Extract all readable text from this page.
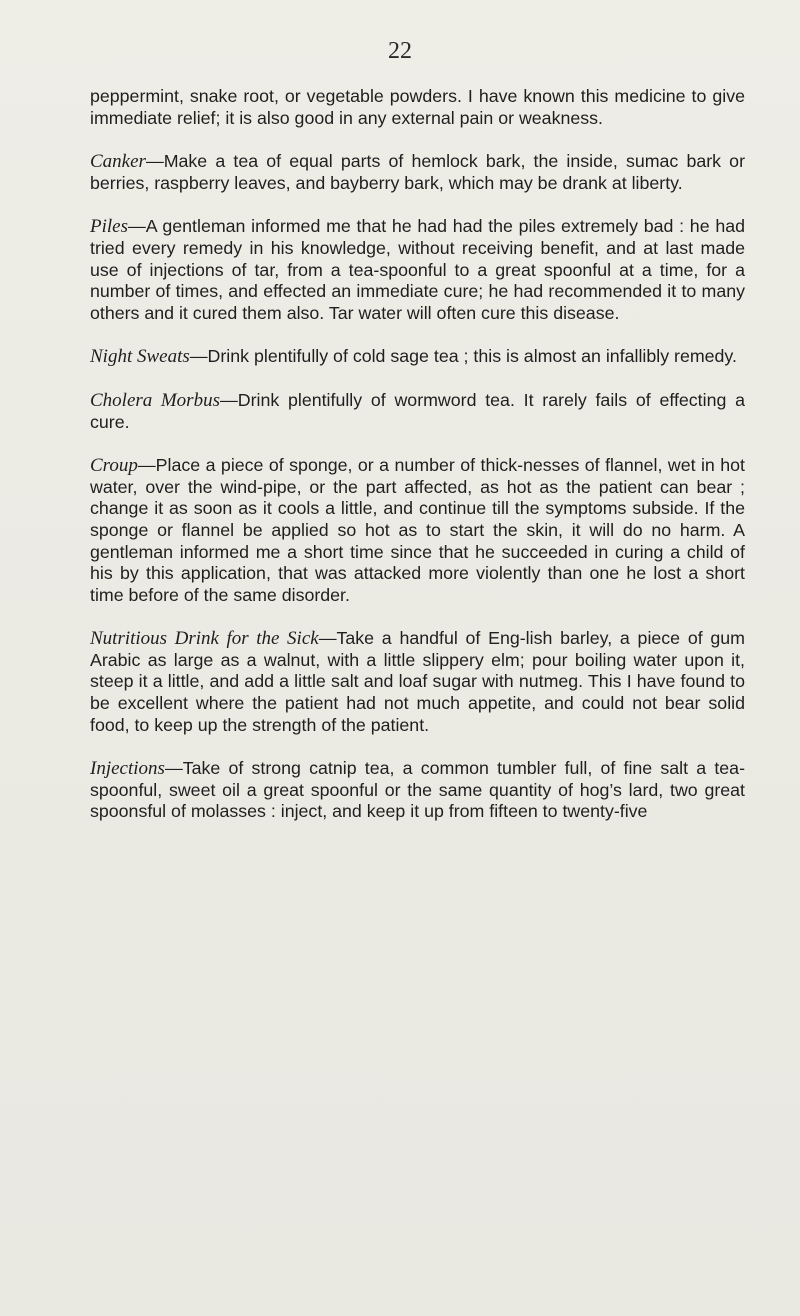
22

peppermint, snake root, or vegetable powders. I have known this medicine to give immediate relief; it is also good in any external pain or weakness.

Canker—Make a tea of equal parts of hemlock bark, the inside, sumac bark or berries, raspberry leaves, and bayberry bark, which may be drank at liberty.

Piles—A gentleman informed me that he had had the piles extremely bad : he had tried every remedy in his knowledge, without receiving benefit, and at last made use of injections of tar, from a tea-spoonful to a great spoonful at a time, for a number of times, and effected an immediate cure; he had recommended it to many others and it cured them also. Tar water will often cure this disease.

Night Sweats—Drink plentifully of cold sage tea ; this is almost an infallibly remedy.

Cholera Morbus—Drink plentifully of wormword tea. It rarely fails of effecting a cure.

Croup—Place a piece of sponge, or a number of thick-nesses of flannel, wet in hot water, over the wind-pipe, or the part affected, as hot as the patient can bear ; change it as soon as it cools a little, and continue till the symptoms subside. If the sponge or flannel be applied so hot as to start the skin, it will do no harm. A gentleman informed me a short time since that he succeeded in curing a child of his by this application, that was attacked more violently than one he lost a short time before of the same disorder.

Nutritious Drink for the Sick—Take a handful of Eng-lish barley, a piece of gum Arabic as large as a walnut, with a little slippery elm; pour boiling water upon it, steep it a little, and add a little salt and loaf sugar with nutmeg. This I have found to be excellent where the patient had not much appetite, and could not bear solid food, to keep up the strength of the patient.

Injections—Take of strong catnip tea, a common tumbler full, of fine salt a tea-spoonful, sweet oil a great spoonful or the same quantity of hog’s lard, two great spoonsful of molasses : inject, and keep it up from fifteen to twenty-five
